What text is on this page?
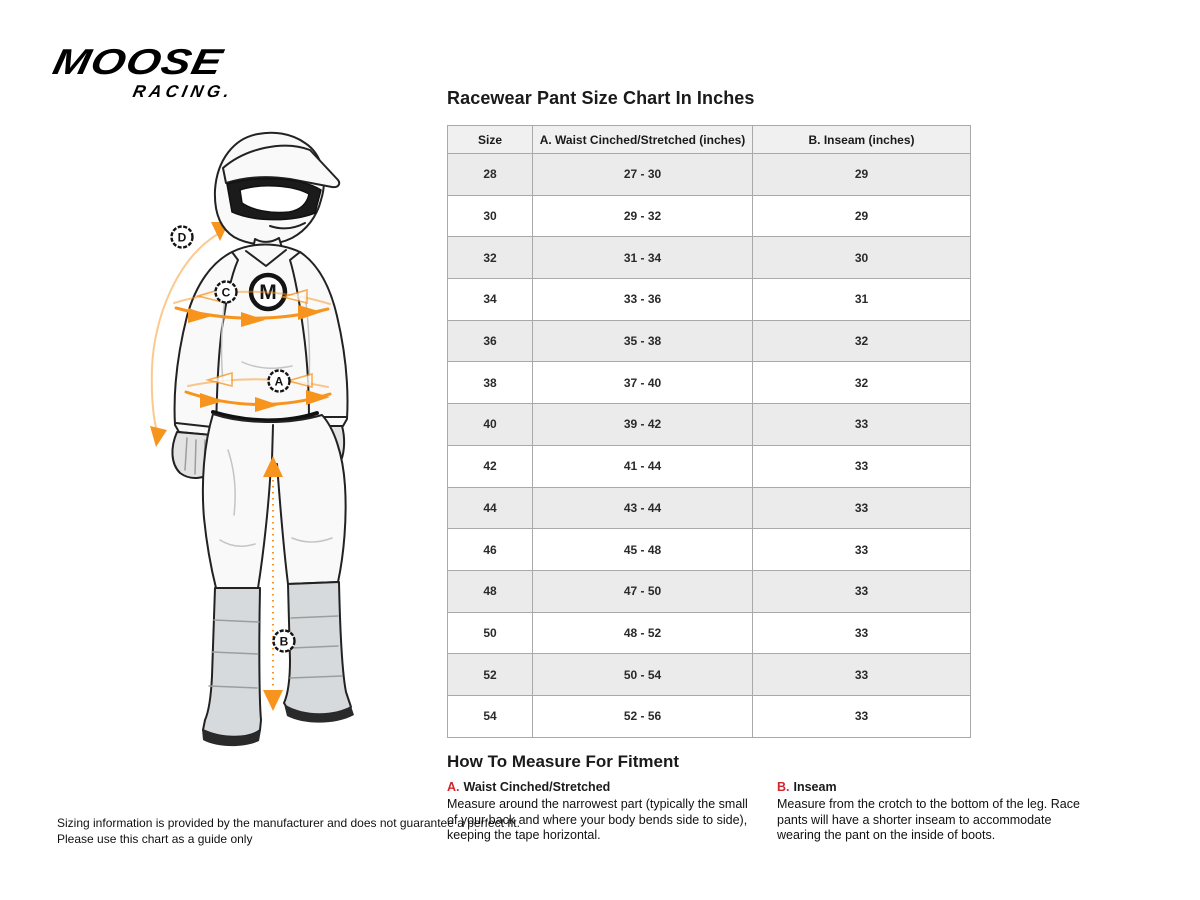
MOOSE
RACING.
M
D
C
A
B
Racewear Pant Size Chart In Inches
Size	A. Waist Cinched/Stretched (inches)	B. Inseam (inches)
28	27 - 30	29
30	29 - 32	29
32	31 - 34	30
34	33 - 36	31
36	35 - 38	32
38	37 - 40	32
40	39 - 42	33
42	41 - 44	33
44	43 - 44	33
46	45 - 48	33
48	47 - 50	33
50	48 - 52	33
52	50 - 54	33
54	52 - 56	33
How To Measure For Fitment
A. Waist Cinched/Stretched
Measure around the narrowest part (typically the small of your back and where your body bends side to side), keeping the tape horizontal.
B. Inseam
Measure from the crotch to the bottom of the leg. Race pants will have a shorter inseam to accommodate wearing the pant on the inside of boots.
Sizing information is provided by the manufacturer and does not guarantee a perfect fit.
Please use this chart as a guide only
